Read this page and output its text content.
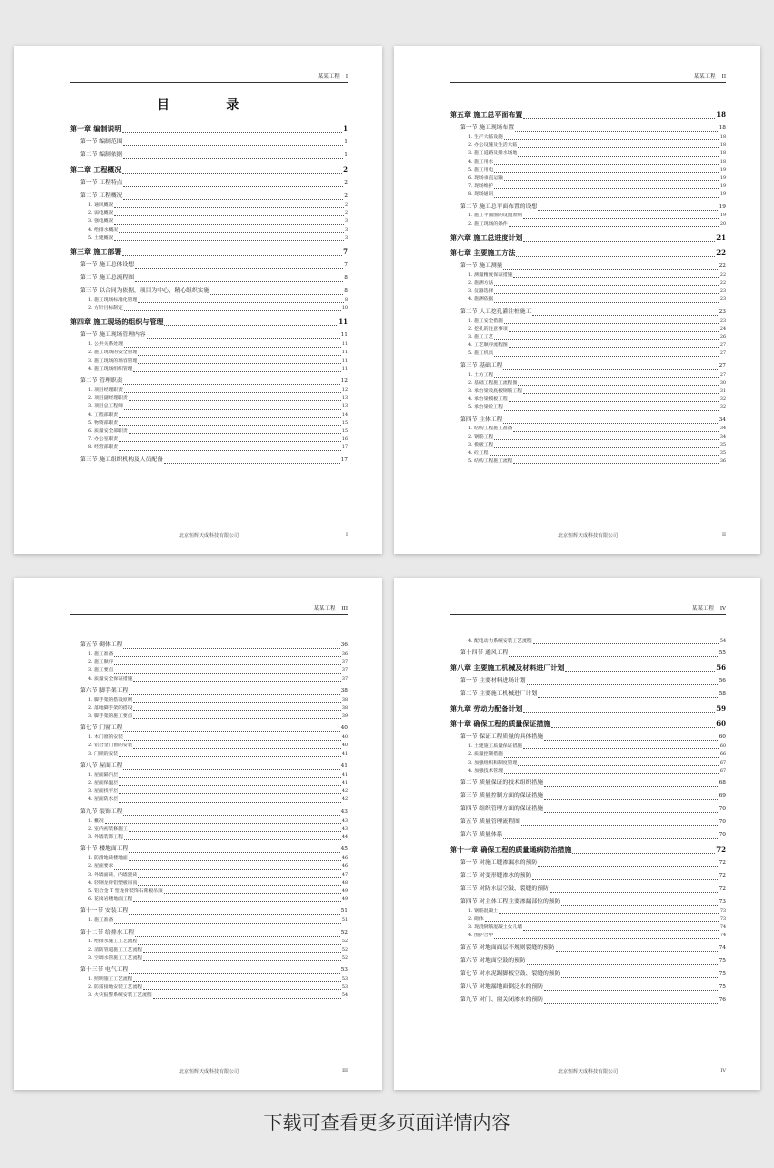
某某工程 I
目 录
第一章 编制说明	1
第一节 编制范围	1
第二节 编制依据	1
第二章 工程概况	2
第一节 工程特点	2
第二节 工程概况	2
1. 通风概况	2
2. 弱电概况	2
3. 强电概况	3
4. 给排水概况	3
5. 土建概况	3
第三章 施工部署	7
第一节 施工总体设想	7
第二节 施工总流程图	8
第三节 以合同为依据，项目为中心，精心组织实施	8
1. 施工现场标准化管理	8
2. 方针目标制定	10
第四章 施工现场的组织与管理	11
第一节 施工现场管理内容	11
1. 公共关系处理	11
2. 施工现场的安全管理	11
3. 施工现场的场容管理	11
4. 施工现场组织管理	11
第二节 管理职责	12
1. 项目经理职责	12
2. 项目副经理职责	13
3. 项目总工程师	13
4. 工程部职责	14
5. 物资部职责	15
6. 质量安全部职责	15
7. 办公室职责	16
8. 经营部职责	17
第三节 施工组织机构及人员配备	17
北京恒辉天成科技有限公司	I
某某工程 II
第五章 施工总平面布置	18
第一节 施工现场布置	18
1. 生产大临设施	18
2. 办公设施及生活大临	18
3. 施工道路及排水场地	18
4. 施工用水	18
5. 施工用电	19
6. 现场垂直运输	19
7. 现场维护	19
8. 现场通讯	19
第二节 施工总平面布置的设想	19
1. 施工平面图的设置原则	19
2. 施工现场的条件	20
第六章 施工总进度计划	21
第七章 主要施工方法	22
第一节 施工测量	22
1. 测量精度保证措施	22
2. 施测方法	22
3. 仪器选择	23
4. 施测依据	23
第二节 人工挖孔灌注桩施工	23
1. 施工安全措施	23
2. 挖孔的注意事项	24
3. 施工工艺	26
4. 工艺顺序流程图	27
5. 施工机具	27
第三节 基础工程	27
1. 土方工程	27
2. 基础工程施工流程图	30
3. 承台梁及底板钢筋工程	31
4. 承台梁模板工程	32
5. 承台梁砼工程	32
第四节 主体工程	34
1. 结构工程施工准备	34
2. 钢筋工程	34
3. 模板工程	35
4. 砼工程	35
5. 结构工程施工流程	36
北京恒辉天成科技有限公司	II
某某工程 III
第五节 砌体工程	36
1. 施工准备	36
2. 施工顺序	37
3. 施工要点	37
4. 质量安全保证措施	37
第六节 脚手架工程	38
1. 脚手架的搭设原则	38
2. 落地脚手架的搭设	38
3. 脚手架的施工要点	39
第七节 门窗工程	40
1. 木门窗的安装	40
2. 铝合金门窗的安装	40
3. 门锁的安装	41
第八节 屋面工程	41
1. 屋面隔汽层	41
2. 屋面保温层	41
3. 屋面找平层	42
4. 屋面防水层	42
第九节 装饰工程	43
1. 概况	43
2. 室内初装修施工	43
3. 外墙装饰工程	44
第十节 楼地面工程	45
1. 防滑地砖楼地面	46
2. 屋面要求	46
3. 外墙面砖、内墙瓷砖	47
4. 轻钢龙骨铝塑板吊顶	48
5. 铝合金 T 型龙骨装饰石膏板吊顶	49
6. 花岗岩楼地面工程	49
第十一节 安装工程	51
1. 施工准备	51
第十二节 给排水工程	52
1. 给排水施工工艺流程	52
2. 消防管道施工工艺流程	52
3. 空调水管施工工艺流程	52
第十三节 电气工程	53
1. 照明施工工艺流程	53
2. 防雷接地安装工艺流程	53
3. 火灾报警系统安装工艺流程	54
北京恒辉天成科技有限公司	III
某某工程 IV
4. 配电动力系统安装工艺流程	54
第十四节 通风工程	55
第八章 主要施工机械及材料进厂计划	56
第一节 主要材料进场计划	56
第二节 主要施工机械进厂计划	58
第九章 劳动力配备计划	59
第十章 确保工程的质量保证措施	60
第一节 保证工程质量的具体措施	60
1. 土建施工质量保证措施	60
2. 质量控制措施	66
3. 加强组织和制度管理	67
4. 加强技术管理	67
第二节 质量保证的技术组织措施	68
第三节 质量控制方面的保证措施	69
第四节 组织管理方面的保证措施	70
第五节 质量管理流程图	70
第六节 质量体系	70
第十一章 确保工程的质量通病防治措施	72
第一节 对施工缝渗漏水的预防	72
第二节 对变形缝渗水的预防	72
第三节 对防水层空鼓、裂缝的预防	72
第四节 对主体工程主要渗漏部位的预防	73
1. 钢筋混凝土	73
2. 砌体	73
3. 现浇钢筋混凝土女儿墙	74
4. 围护合中	74
第五节 对地面面层不规则裂缝的预防	74
第六节 对地面空鼓的预防	75
第七节 对水泥踢脚板空鼓、裂缝的预防	75
第八节 对地漏地面倒泛水的预防	75
第九节 对门、窗关闭渗水的预防	76
北京恒辉天成科技有限公司	IV
下载可查看更多页面详情内容
